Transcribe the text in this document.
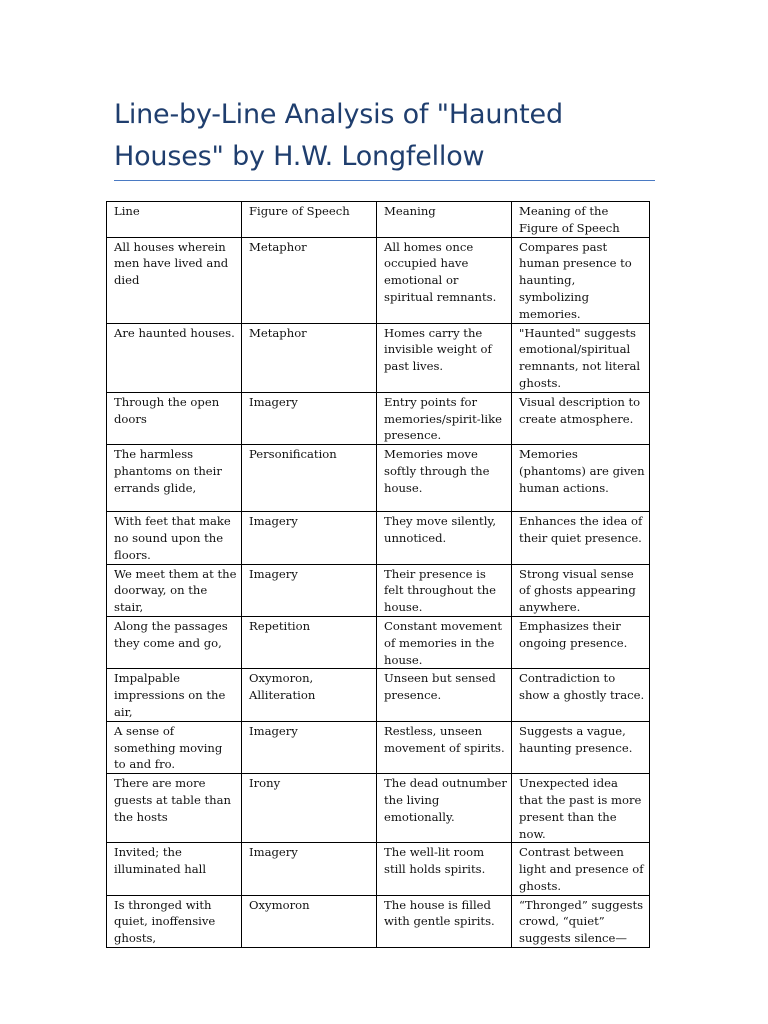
Line-by-Line Analysis of "Haunted Houses" by H.W. Longfellow
Line	Figure of Speech	Meaning	Meaning of the Figure of Speech
All houses wherein men have lived and died	Metaphor	All homes once occupied have emotional or spiritual remnants.	Compares past human presence to haunting, symbolizing memories.
Are haunted houses.	Metaphor	Homes carry the invisible weight of past lives.	"Haunted" suggests emotional/spiritual remnants, not literal ghosts.
Through the open doors	Imagery	Entry points for memories/spirit-like presence.	Visual description to create atmosphere.
The harmless phantoms on their errands glide,	Personification	Memories move softly through the house.	Memories (phantoms) are given human actions.
With feet that make no sound upon the floors.	Imagery	They move silently, unnoticed.	Enhances the idea of their quiet presence.
We meet them at the doorway, on the stair,	Imagery	Their presence is felt throughout the house.	Strong visual sense of ghosts appearing anywhere.
Along the passages they come and go,	Repetition	Constant movement of memories in the house.	Emphasizes their ongoing presence.
Impalpable impressions on the air,	Oxymoron, Alliteration	Unseen but sensed presence.	Contradiction to show a ghostly trace.
A sense of something moving to and fro.	Imagery	Restless, unseen movement of spirits.	Suggests a vague, haunting presence.
There are more guests at table than the hosts	Irony	The dead outnumber the living emotionally.	Unexpected idea that the past is more present than the now.
Invited; the illuminated hall	Imagery	The well-lit room still holds spirits.	Contrast between light and presence of ghosts.
Is thronged with quiet, inoffensive ghosts,	Oxymoron	The house is filled with gentle spirits.	“Thronged” suggests crowd, “quiet” suggests silence—
